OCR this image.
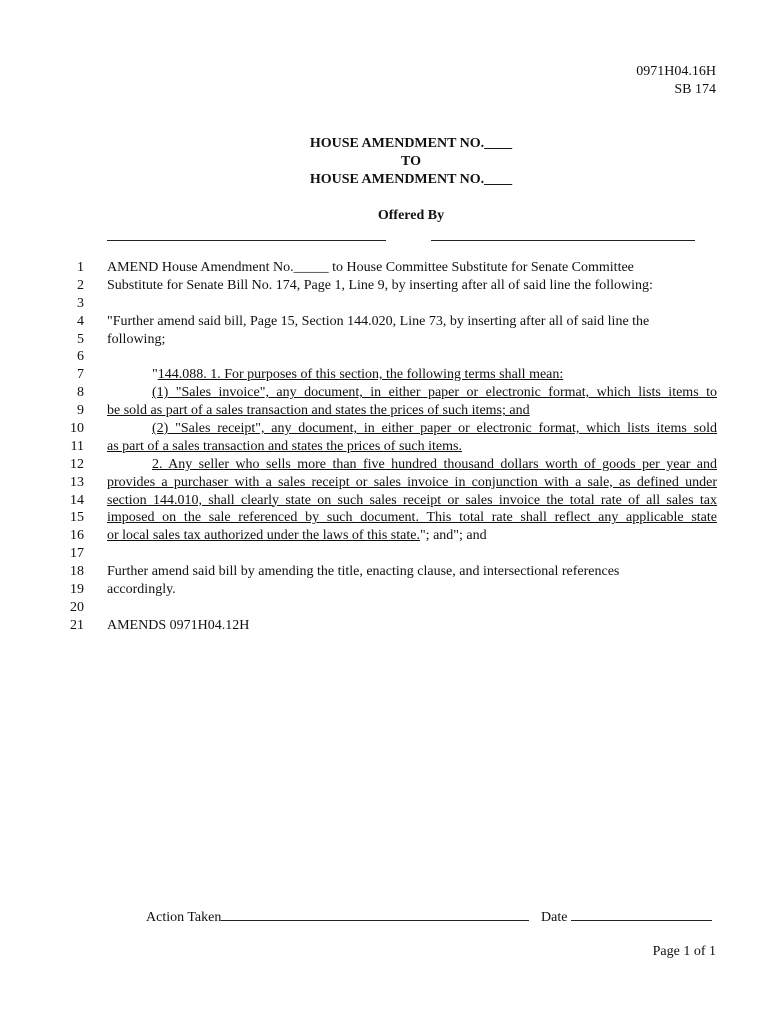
0971H04.16H
SB 174
HOUSE AMENDMENT NO.____
TO
HOUSE AMENDMENT NO.____
Offered By
1 AMEND House Amendment No._____ to House Committee Substitute for Senate Committee
2 Substitute for Senate Bill No. 174, Page 1, Line 9, by inserting after all of said line the following:
3
4 "Further amend said bill, Page 15, Section 144.020, Line 73, by inserting after all of said line the
5 following;
6
7	"144.088. 1. For purposes of this section, the following terms shall mean:
8	(1) "Sales invoice", any document, in either paper or electronic format, which lists items to
9 be sold as part of a sales transaction and states the prices of such items; and
10	(2) "Sales receipt", any document, in either paper or electronic format, which lists items sold
11 as part of a sales transaction and states the prices of such items.
12	2. Any seller who sells more than five hundred thousand dollars worth of goods per year and
13 provides a purchaser with a sales receipt or sales invoice in conjunction with a sale, as defined under
14 section 144.010, shall clearly state on such sales receipt or sales invoice the total rate of all sales tax
15 imposed on the sale referenced by such document. This total rate shall reflect any applicable state
16 or local sales tax authorized under the laws of this state."; and"; and
17
18 Further amend said bill by amending the title, enacting clause, and intersectional references
19 accordingly.
20
21 AMENDS 0971H04.12H
Action Taken	Date
Page 1 of 1
